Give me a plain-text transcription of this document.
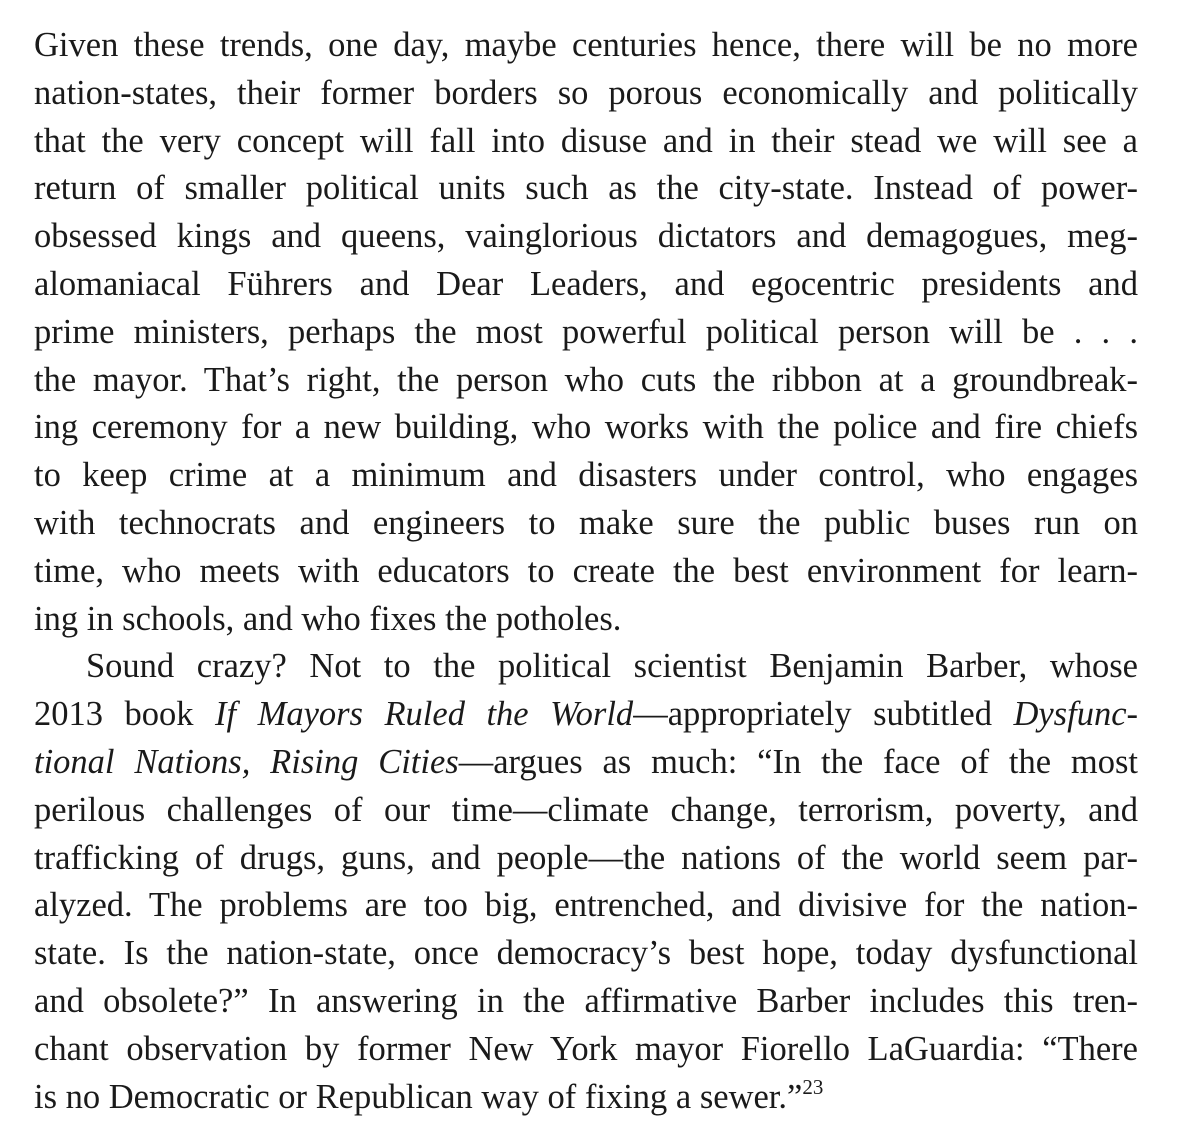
Given these trends, one day, maybe centuries hence, there will be no more
nation-states, their former borders so porous economically and politically
that the very concept will fall into disuse and in their stead we will see a
return of smaller political units such as the city-state. Instead of power-
obsessed kings and queens, vainglorious dictators and demagogues, meg-
alomaniacal Führers and Dear Leaders, and egocentric presidents and
prime ministers, perhaps the most powerful political person will be . . .
the mayor. That’s right, the person who cuts the ribbon at a groundbreak-
ing ceremony for a new building, who works with the police and fire chiefs
to keep crime at a minimum and disasters under control, who engages
with technocrats and engineers to make sure the public buses run on
time, who meets with educators to create the best environment for learn-
ing in schools, and who fixes the potholes.
Sound crazy? Not to the political scientist Benjamin Barber, whose
2013 book If Mayors Ruled the World—appropriately subtitled Dysfunc-
tional Nations, Rising Cities—argues as much: “In the face of the most
perilous challenges of our time—climate change, terrorism, poverty, and
trafficking of drugs, guns, and people—the nations of the world seem par-
alyzed. The problems are too big, entrenched, and divisive for the nation-
state. Is the nation-state, once democracy’s best hope, today dysfunctional
and obsolete?” In answering in the affirmative Barber includes this tren-
chant observation by former New York mayor Fiorello LaGuardia: “There
is no Democratic or Republican way of fixing a sewer.”$^{23}$
